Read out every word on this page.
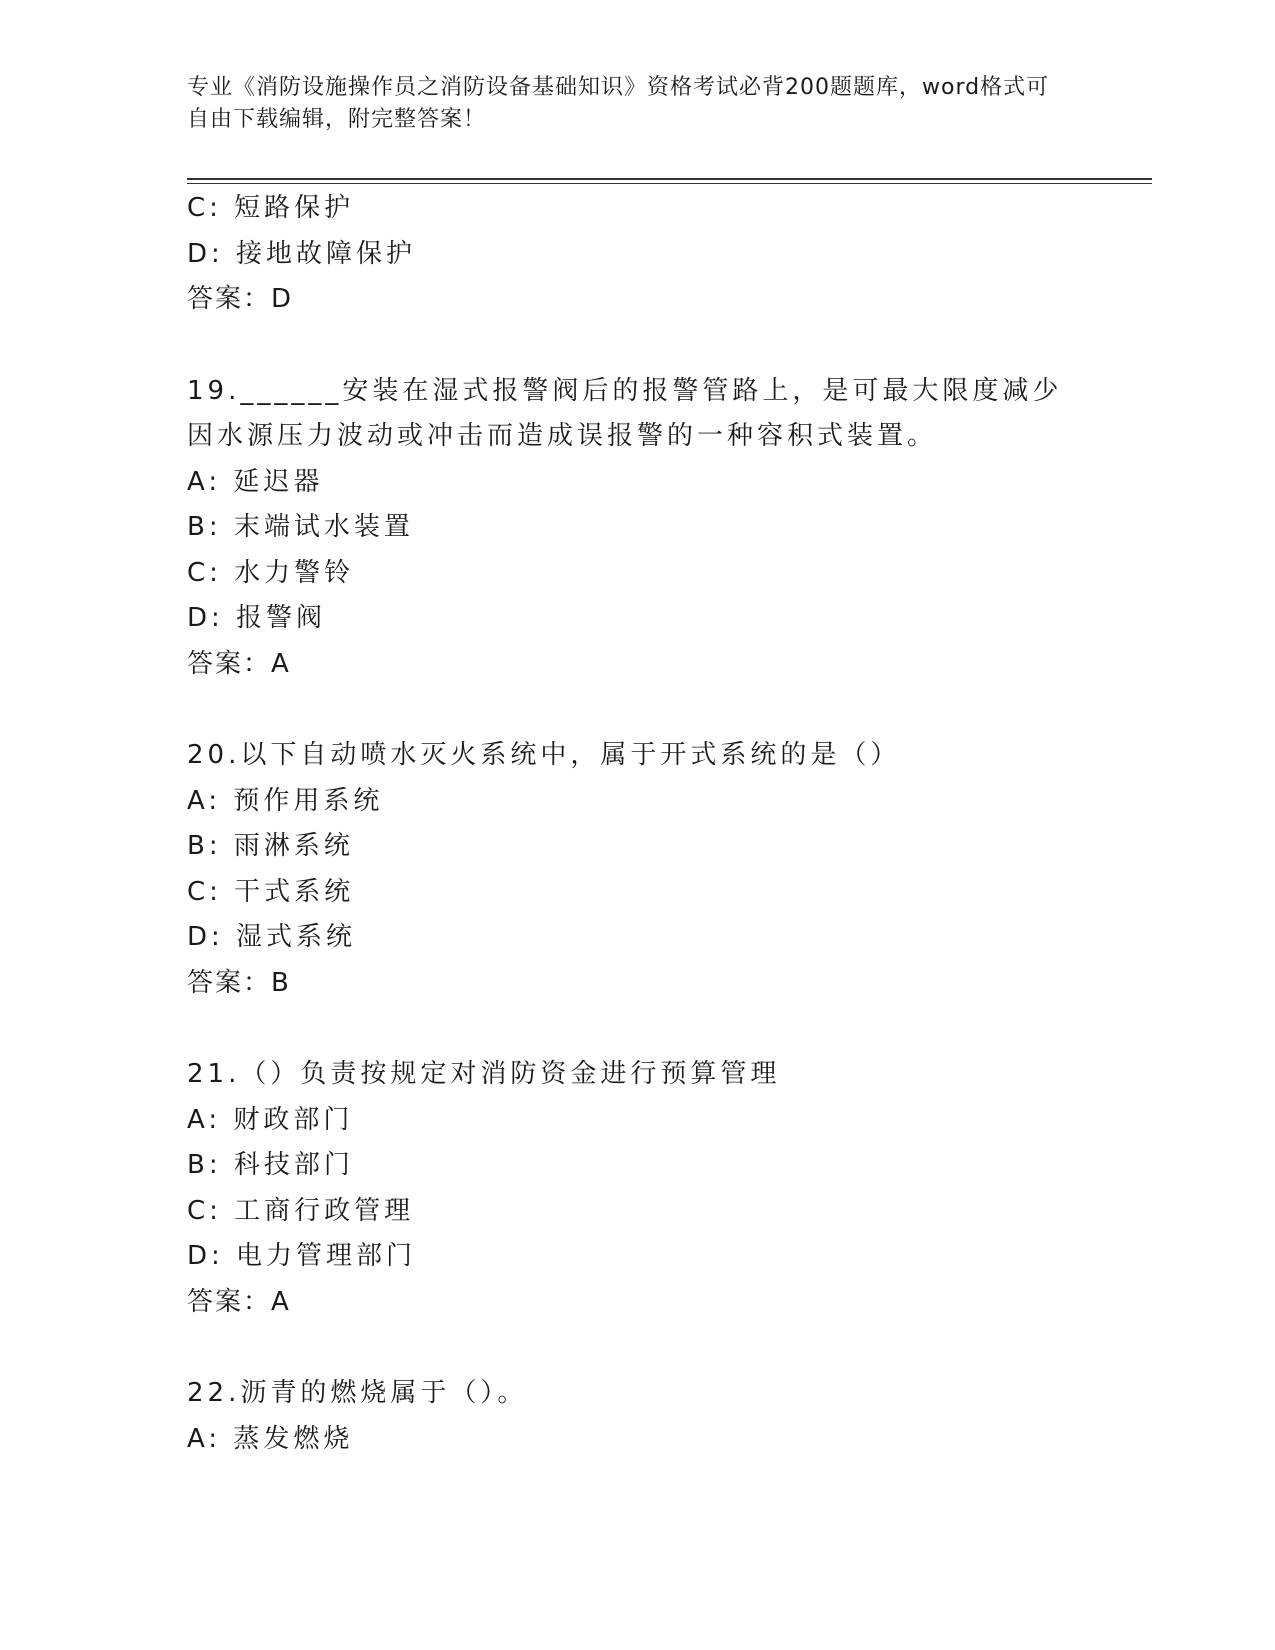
专业《消防设施操作员之消防设备基础知识》资格考试必背200题题库，word格式可自由下载编辑，附完整答案！
C: 短路保护
D: 接地故障保护
答案：D
19.______安装在湿式报警阀后的报警管路上，是可最大限度减少因水源压力波动或冲击而造成误报警的一种容积式装置。
A: 延迟器
B: 末端试水装置
C: 水力警铃
D: 报警阀
答案：A
20.以下自动喷水灭火系统中，属于开式系统的是（）
A: 预作用系统
B: 雨淋系统
C: 干式系统
D: 湿式系统
答案：B
21.（）负责按规定对消防资金进行预算管理
A: 财政部门
B: 科技部门
C: 工商行政管理
D: 电力管理部门
答案：A
22.沥青的燃烧属于（）。
A: 蒸发燃烧
